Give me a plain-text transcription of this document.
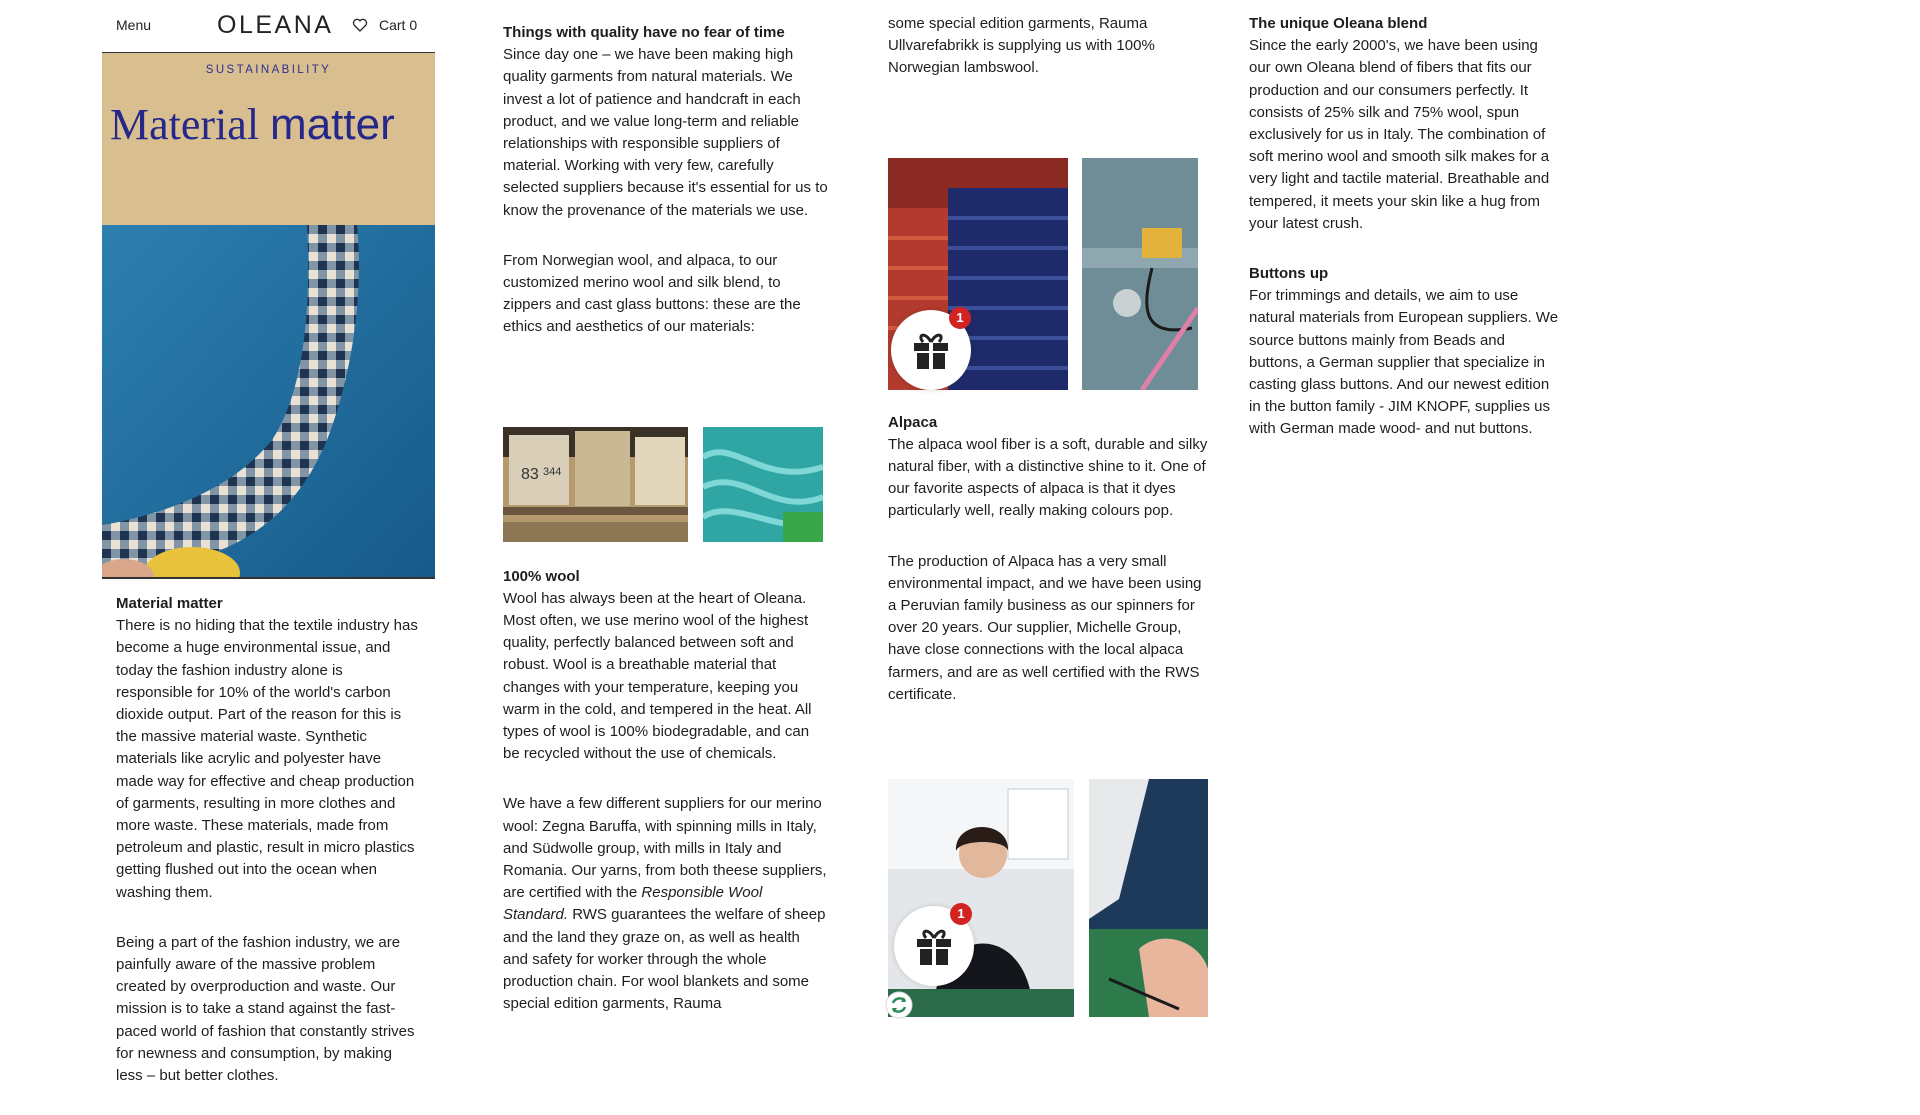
Menu	OLEANA	Cart 0
SUSTAINABILITY
Material matter
Material matter

There is no hiding that the textile industry has become a huge environmental issue, and today the fashion industry alone is responsible for 10% of the world's carbon dioxide output. Part of the reason for this is the massive material waste. Synthetic materials like acrylic and polyester have made way for effective and cheap production of garments, resulting in more clothes and more waste. These materials, made from petroleum and plastic, result in micro plastics getting flushed out into the ocean when washing them.

Being a part of the fashion industry, we are painfully aware of the massive problem created by overproduction and waste. Our mission is to take a stand against the fast-paced world of fashion that constantly strives for newness and consumption, by making less – but better clothes.

Things with quality have no fear of time

Since day one – we have been making high quality garments from natural materials. We invest a lot of patience and handcraft in each product, and we value long-term and reliable relationships with responsible suppliers of material. Working with very few, carefully selected suppliers because it's essential for us to know the provenance of the materials we use.

From Norwegian wool, and alpaca, to our customized merino wool and silk blend, to zippers and cast glass buttons: these are the ethics and aesthetics of our materials:

83 344
100% wool

Wool has always been at the heart of Oleana. Most often, we use merino wool of the highest quality, perfectly balanced between soft and robust. Wool is a breathable material that changes with your temperature, keeping you warm in the cold, and tempered in the heat. All types of wool is 100% biodegradable, and can be recycled without the use of chemicals.

We have a few different suppliers for our merino wool: Zegna Baruffa, with spinning mills in Italy, and Südwolle group, with mills in Italy and Romania. Our yarns, from both theese suppliers, are certified with the Responsible Wool Standard. RWS guarantees the welfare of sheep and the land they graze on, as well as health and safety for worker through the whole production chain. For wool blankets and some special edition garments, Rauma

some special edition garments, Rauma Ullvarefabrikk is supplying us with 100% Norwegian lambswool.

1
Alpaca

The alpaca wool fiber is a soft, durable and silky natural fiber, with a distinctive shine to it. One of our favorite aspects of alpaca is that it dyes particularly well, really making colours pop.

The production of Alpaca has a very small environmental impact, and we have been using a Peruvian family business as our spinners for over 20 years. Our supplier, Michelle Group, have close connections with the local alpaca farmers, and are as well certified with the RWS certificate.

1
The unique Oleana blend

Since the early 2000's, we have been using our own Oleana blend of fibers that fits our production and our consumers perfectly. It consists of 25% silk and 75% wool, spun exclusively for us in Italy. The combination of soft merino wool and smooth silk makes for a very light and tactile material. Breathable and tempered, it meets your skin like a hug from your latest crush.

Buttons up

For trimmings and details, we aim to use natural materials from European suppliers. We source buttons mainly from Beads and buttons, a German supplier that specialize in casting glass buttons. And our newest edition in the button family - JIM KNOPF, supplies us with German made wood- and nut buttons.
